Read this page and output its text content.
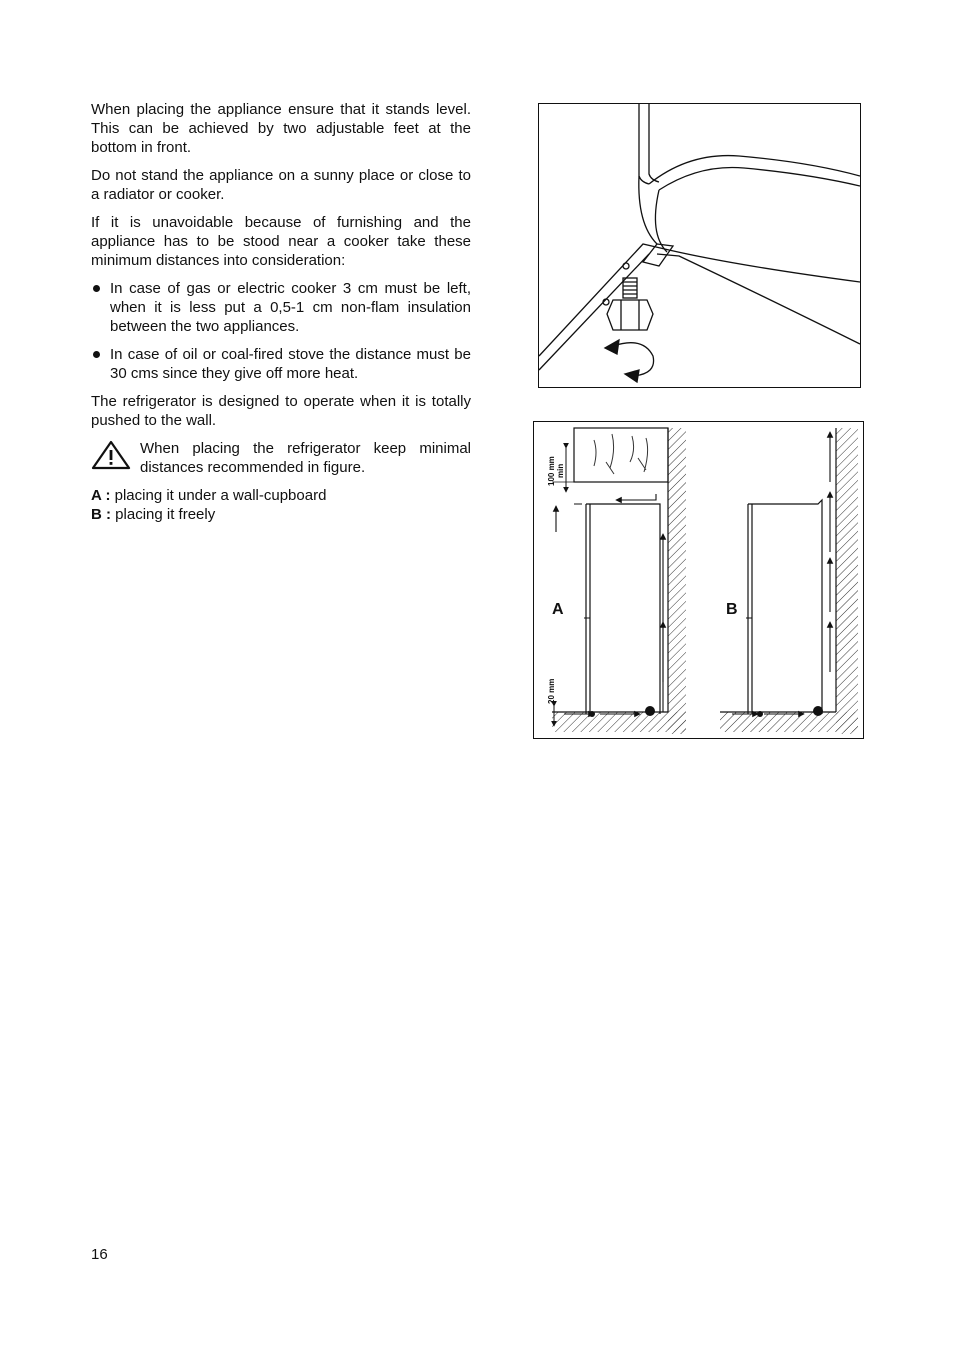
When placing the appliance ensure that it stands level. This can be achieved by two adjustable feet at the bottom in front.

Do not stand the appliance on a sunny place or close to a radiator or cooker.

If it is unavoidable because of furnishing and the appliance has to be stood near a cooker take these minimum distances into consideration:

In case of gas or electric cooker 3 cm must be left, when it is less put a 0,5-1 cm non-flam insulation between the two appliances.
In case of oil or coal-fired stove the distance must be 30 cms since they give off more heat.

The refrigerator is designed to operate when it is totally pushed to the wall.

When placing the refrigerator keep minimal distances recommended in figure.
A : placing it under a wall-cupboard
B : placing it freely
A	B
100 mm min
20 mm
16
